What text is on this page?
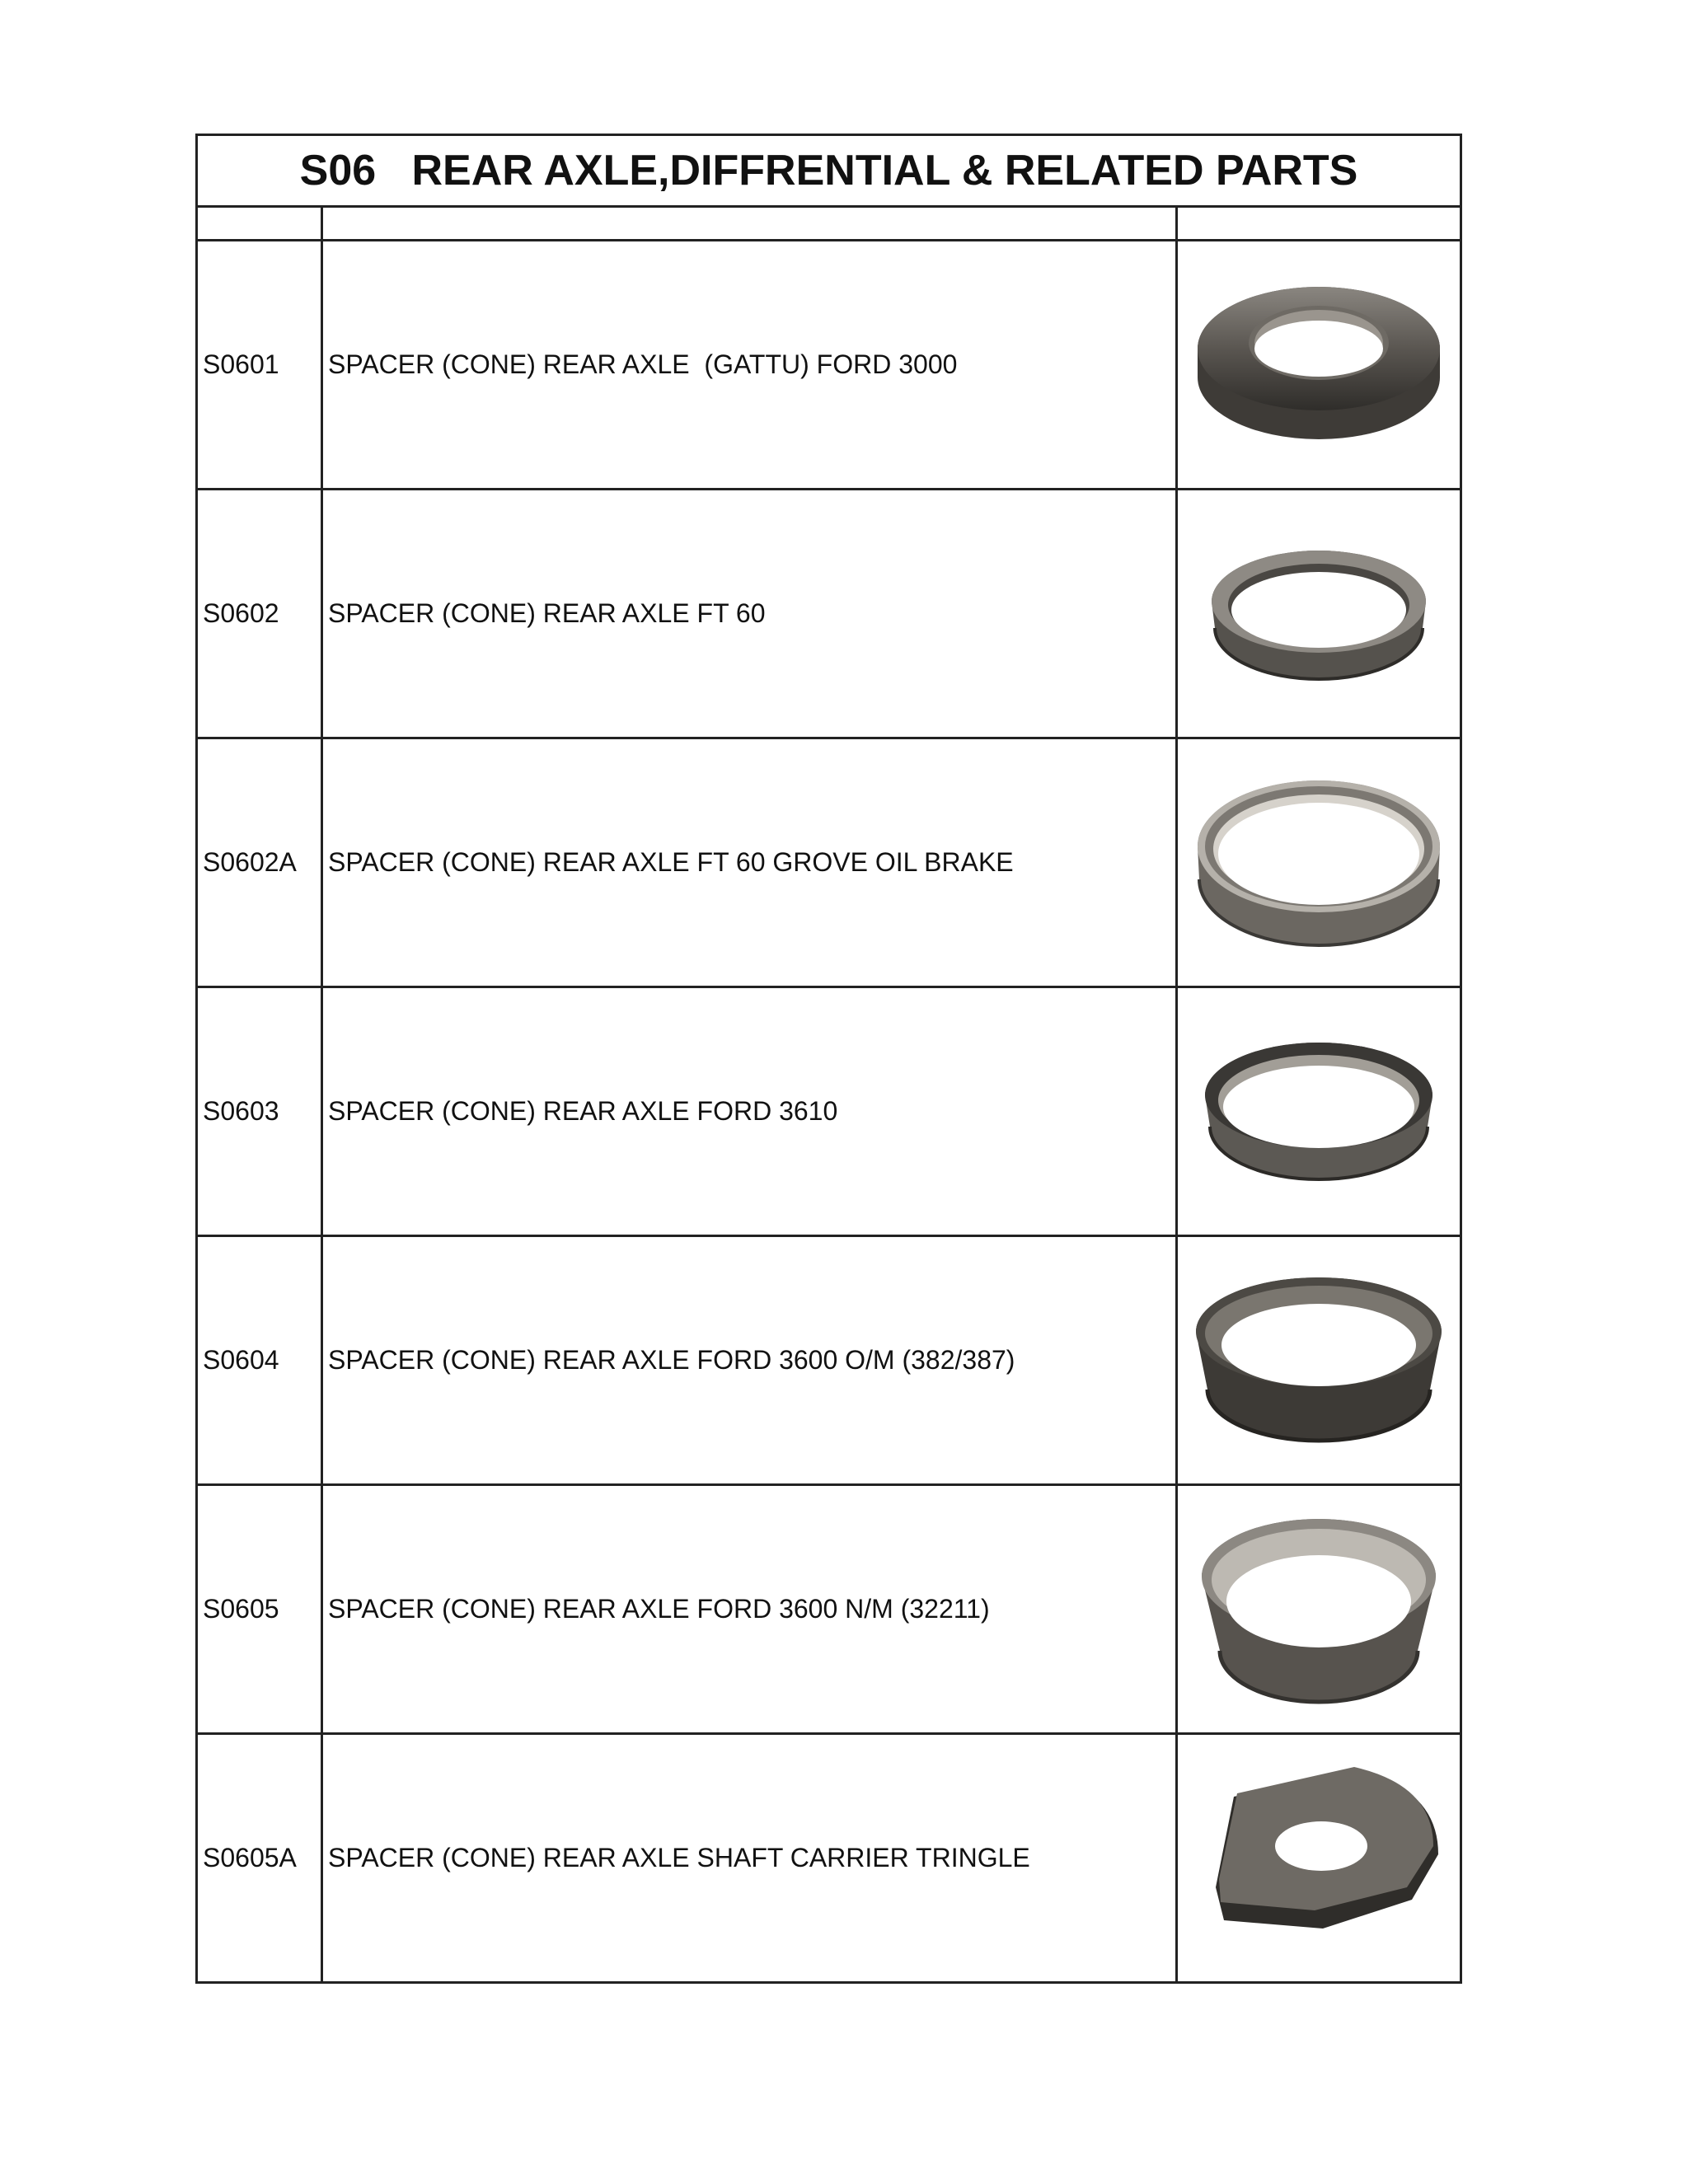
S06   REAR AXLE,DIFFRENTIAL & RELATED PARTS		

S0601	SPACER (CONE) REAR AXLE  (GATTU) FORD 3000	

S0602	SPACER (CONE) REAR AXLE FT 60	

S0602A	SPACER (CONE) REAR AXLE FT 60 GROVE OIL BRAKE	

S0603	SPACER (CONE) REAR AXLE FORD 3610	

S0604	SPACER (CONE) REAR AXLE FORD 3600 O/M (382/387)	

S0605	SPACER (CONE) REAR AXLE FORD 3600 N/M (32211)	

S0605A	SPACER (CONE) REAR AXLE SHAFT CARRIER TRINGLE	
